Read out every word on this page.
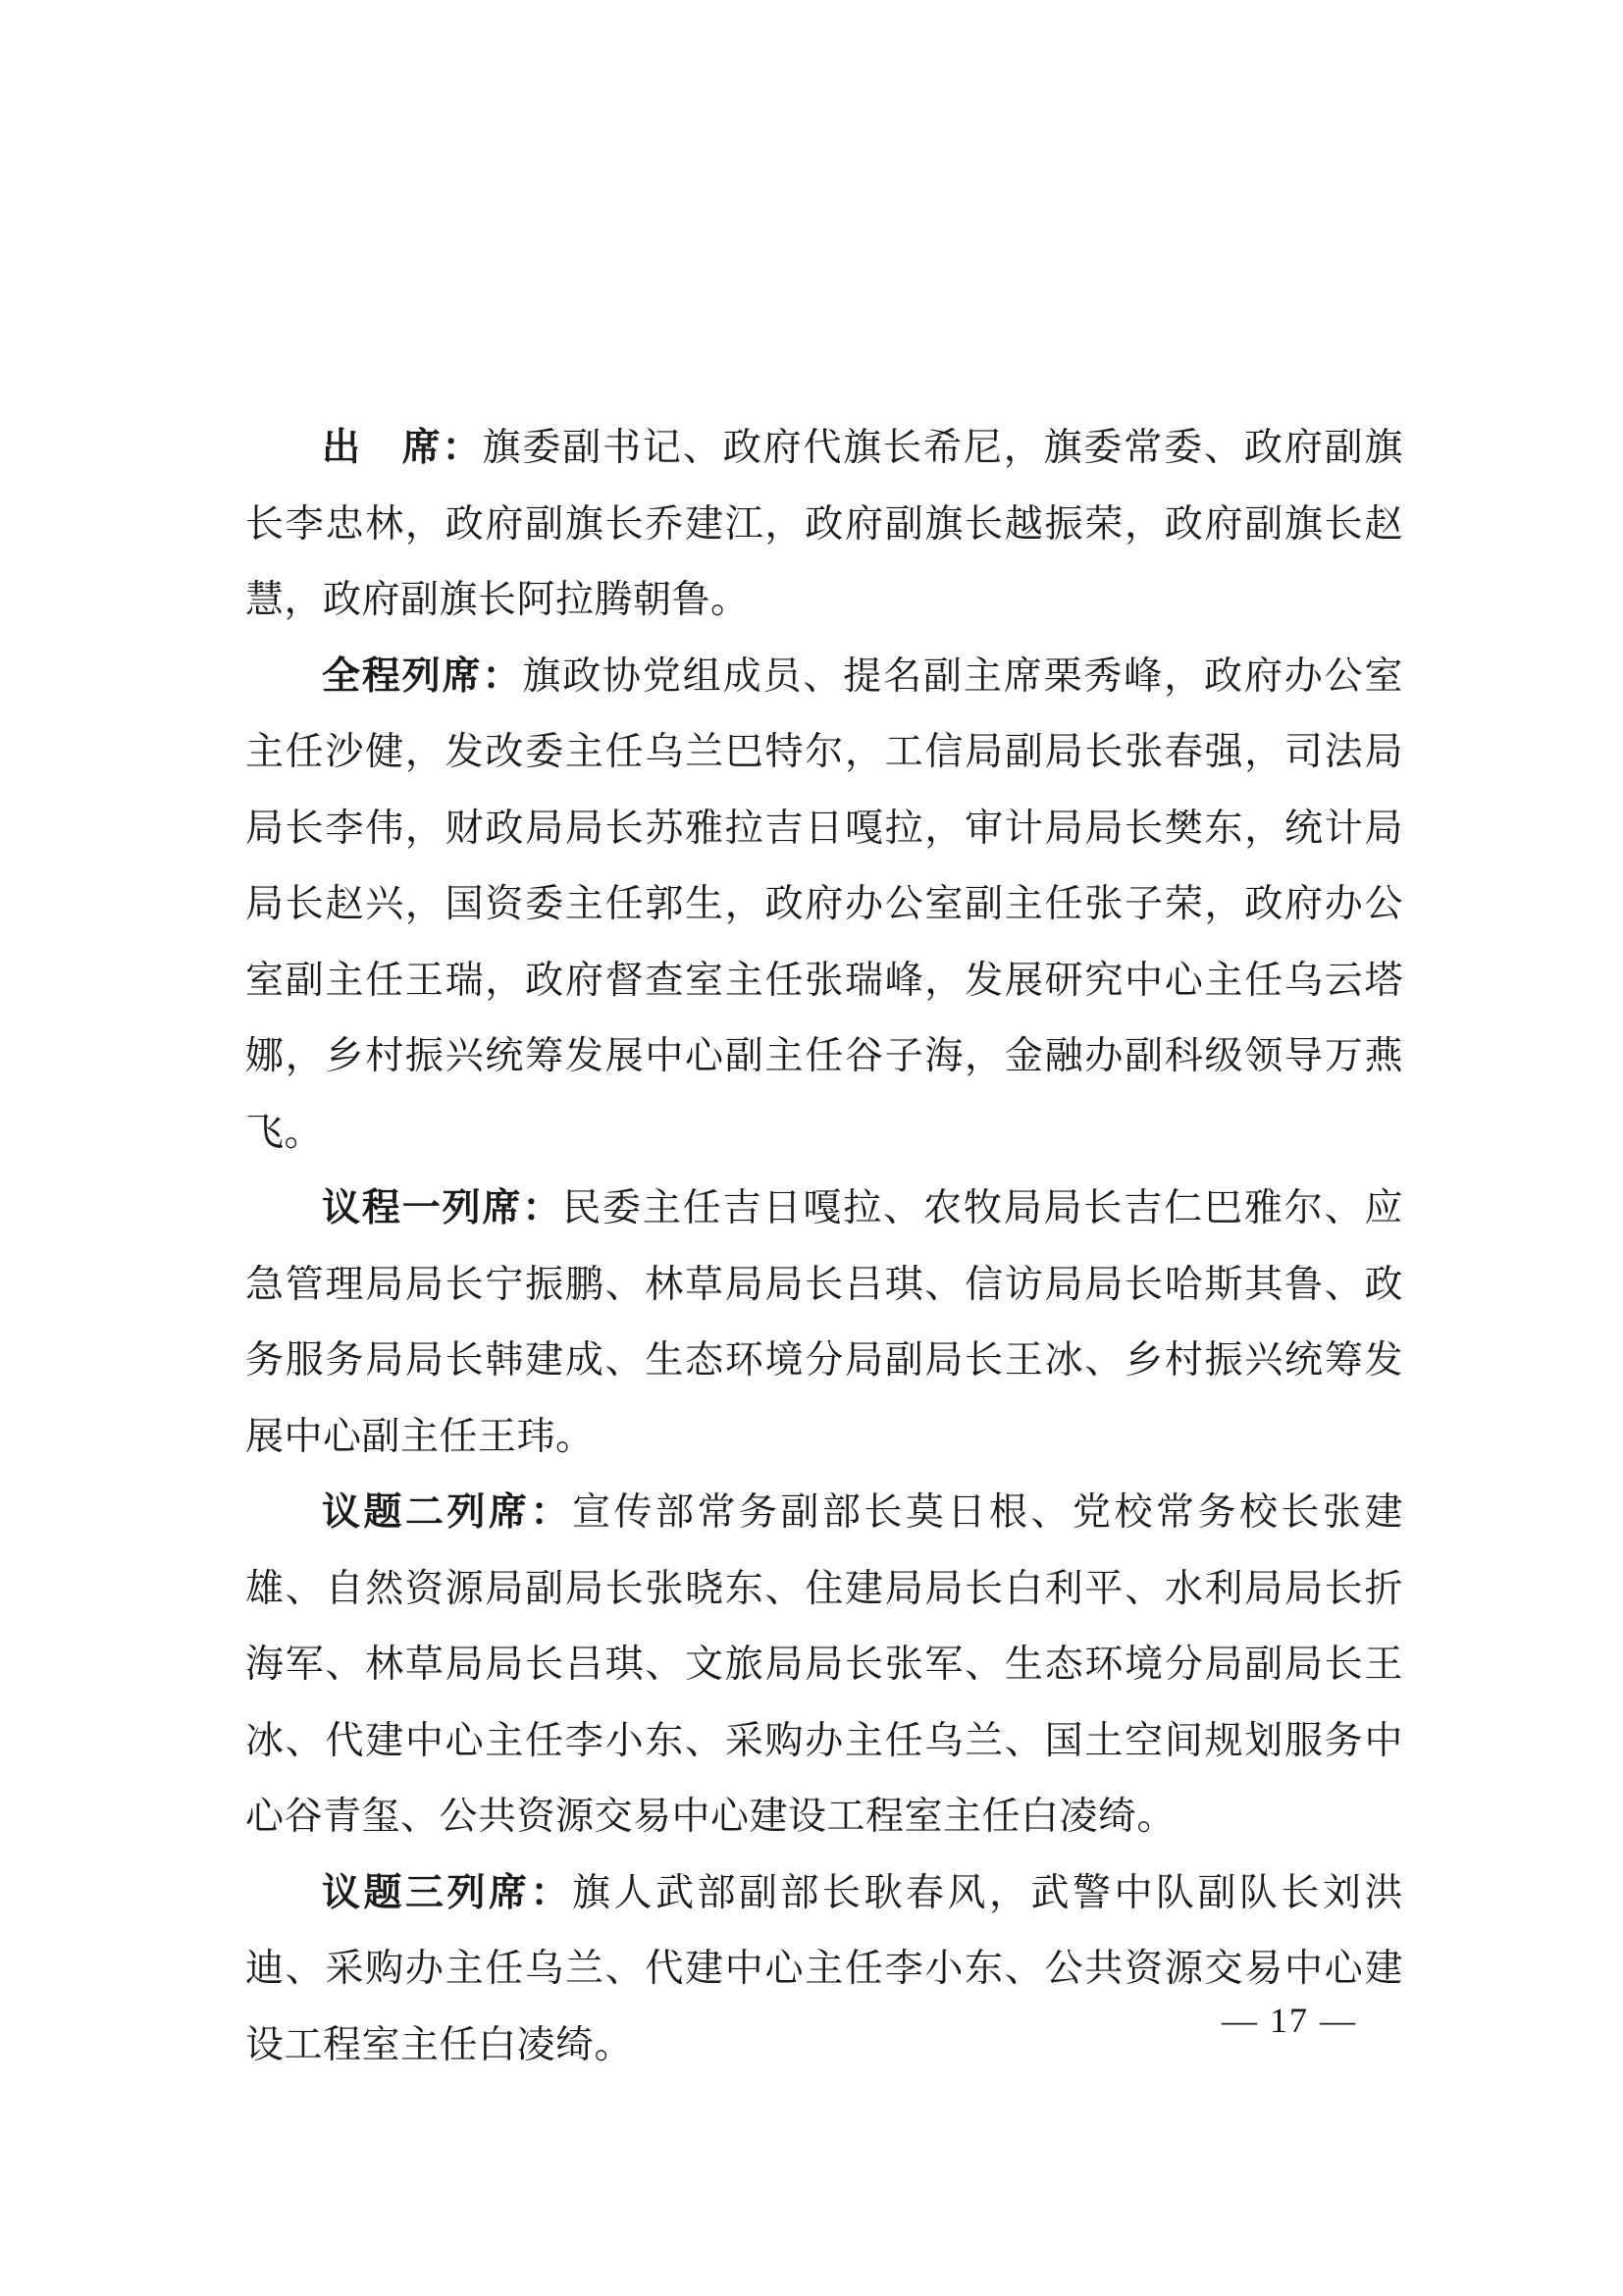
出　席：旗委副书记、政府代旗长希尼，旗委常委、政府副旗长李忠林，政府副旗长乔建江，政府副旗长越振荣，政府副旗长赵慧，政府副旗长阿拉腾朝鲁。

全程列席：旗政协党组成员、提名副主席栗秀峰，政府办公室主任沙健，发改委主任乌兰巴特尔，工信局副局长张春强，司法局局长李伟，财政局局长苏雅拉吉日嘎拉，审计局局长樊东，统计局局长赵兴，国资委主任郭生，政府办公室副主任张子荣，政府办公室副主任王瑞，政府督查室主任张瑞峰，发展研究中心主任乌云塔娜，乡村振兴统筹发展中心副主任谷子海，金融办副科级领导万燕飞。

议程一列席：民委主任吉日嘎拉、农牧局局长吉仁巴雅尔、应急管理局局长宁振鹏、林草局局长吕琪、信访局局长哈斯其鲁、政务服务局局长韩建成、生态环境分局副局长王冰、乡村振兴统筹发展中心副主任王玮。

议题二列席：宣传部常务副部长莫日根、党校常务校长张建雄、自然资源局副局长张晓东、住建局局长白利平、水利局局长折海军、林草局局长吕琪、文旅局局长张军、生态环境分局副局长王冰、代建中心主任李小东、采购办主任乌兰、国土空间规划服务中心谷青玺、公共资源交易中心建设工程室主任白凌绮。

议题三列席：旗人武部副部长耿春风，武警中队副队长刘洪迪、采购办主任乌兰、代建中心主任李小东、公共资源交易中心建设工程室主任白凌绮。

— 17 —
